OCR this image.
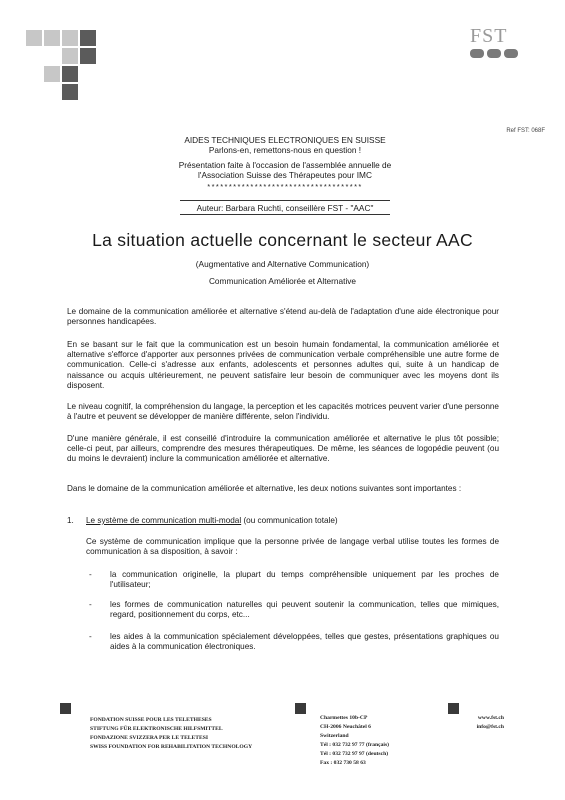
FST
Ref FST: 068F
AIDES TECHNIQUES ELECTRONIQUES EN SUISSE
Parlons-en, remettons-nous en question !
Présentation faite à l'occasion de l'assemblée annuelle de
l'Association Suisse des Thérapeutes pour IMC
************************************
Auteur: Barbara Ruchti, conseillère FST - "AAC"
La situation actuelle concernant le secteur AAC
(Augmentative and Alternative Communication)
Communication Améliorée et Alternative
Le domaine de la communication améliorée et alternative s'étend au-delà de l'adaptation d'une aide électronique pour personnes handicapées.
En se basant sur le fait que la communication est un besoin humain fondamental, la communication améliorée et alternative s'efforce d'apporter aux personnes privées de communication verbale compréhensible une autre forme de communication. Celle-ci s'adresse aux enfants, adolescents et personnes adultes qui, suite à un handicap de naissance ou acquis ultérieurement, ne peuvent satisfaire leur besoin de communiquer avec les moyens dont ils disposent.
Le niveau cognitif, la compréhension du langage, la perception et les capacités motrices peuvent varier d'une personne à l'autre et peuvent se développer de manière différente, selon l'individu.
D'une manière générale, il est conseillé d'introduire la communication améliorée et alternative le plus tôt possible; celle-ci peut, par ailleurs, comprendre des mesures thérapeutiques. De même, les séances de logopédie peuvent (ou du moins le devraient) inclure la communication améliorée et alternative.
Dans le domaine de la communication améliorée et alternative, les deux notions suivantes sont importantes :
1. Le système de communication multi-modal (ou communication totale)
Ce système de communication implique que la personne privée de langage verbal utilise toutes les formes de communication à sa disposition, à savoir :
- la communication originelle, la plupart du temps compréhensible uniquement par les proches de l'utilisateur;
- les formes de communication naturelles qui peuvent soutenir la communication, telles que mimiques, regard, positionnement du corps, etc...
- les aides à la communication spécialement développées, telles que gestes, présentations graphiques ou aides à la communication électroniques.
FONDATION SUISSE POUR LES TELETHESES
STIFTUNG FÜR ELEKTRONISCHE HILFSMITTEL
FONDAZIONE SVIZZERA PER LE TELETESI
SWISS FOUNDATION FOR REHABILITATION TECHNOLOGY
Charmettes 10b-CP
CH-2006 Neuchâtel 6
Switzerland
Tél : 032 732 97 77 (français)
Tél : 032 732 97 97 (deutsch)
Fax : 032 730 58 63
www.fst.ch
info@fst.ch
